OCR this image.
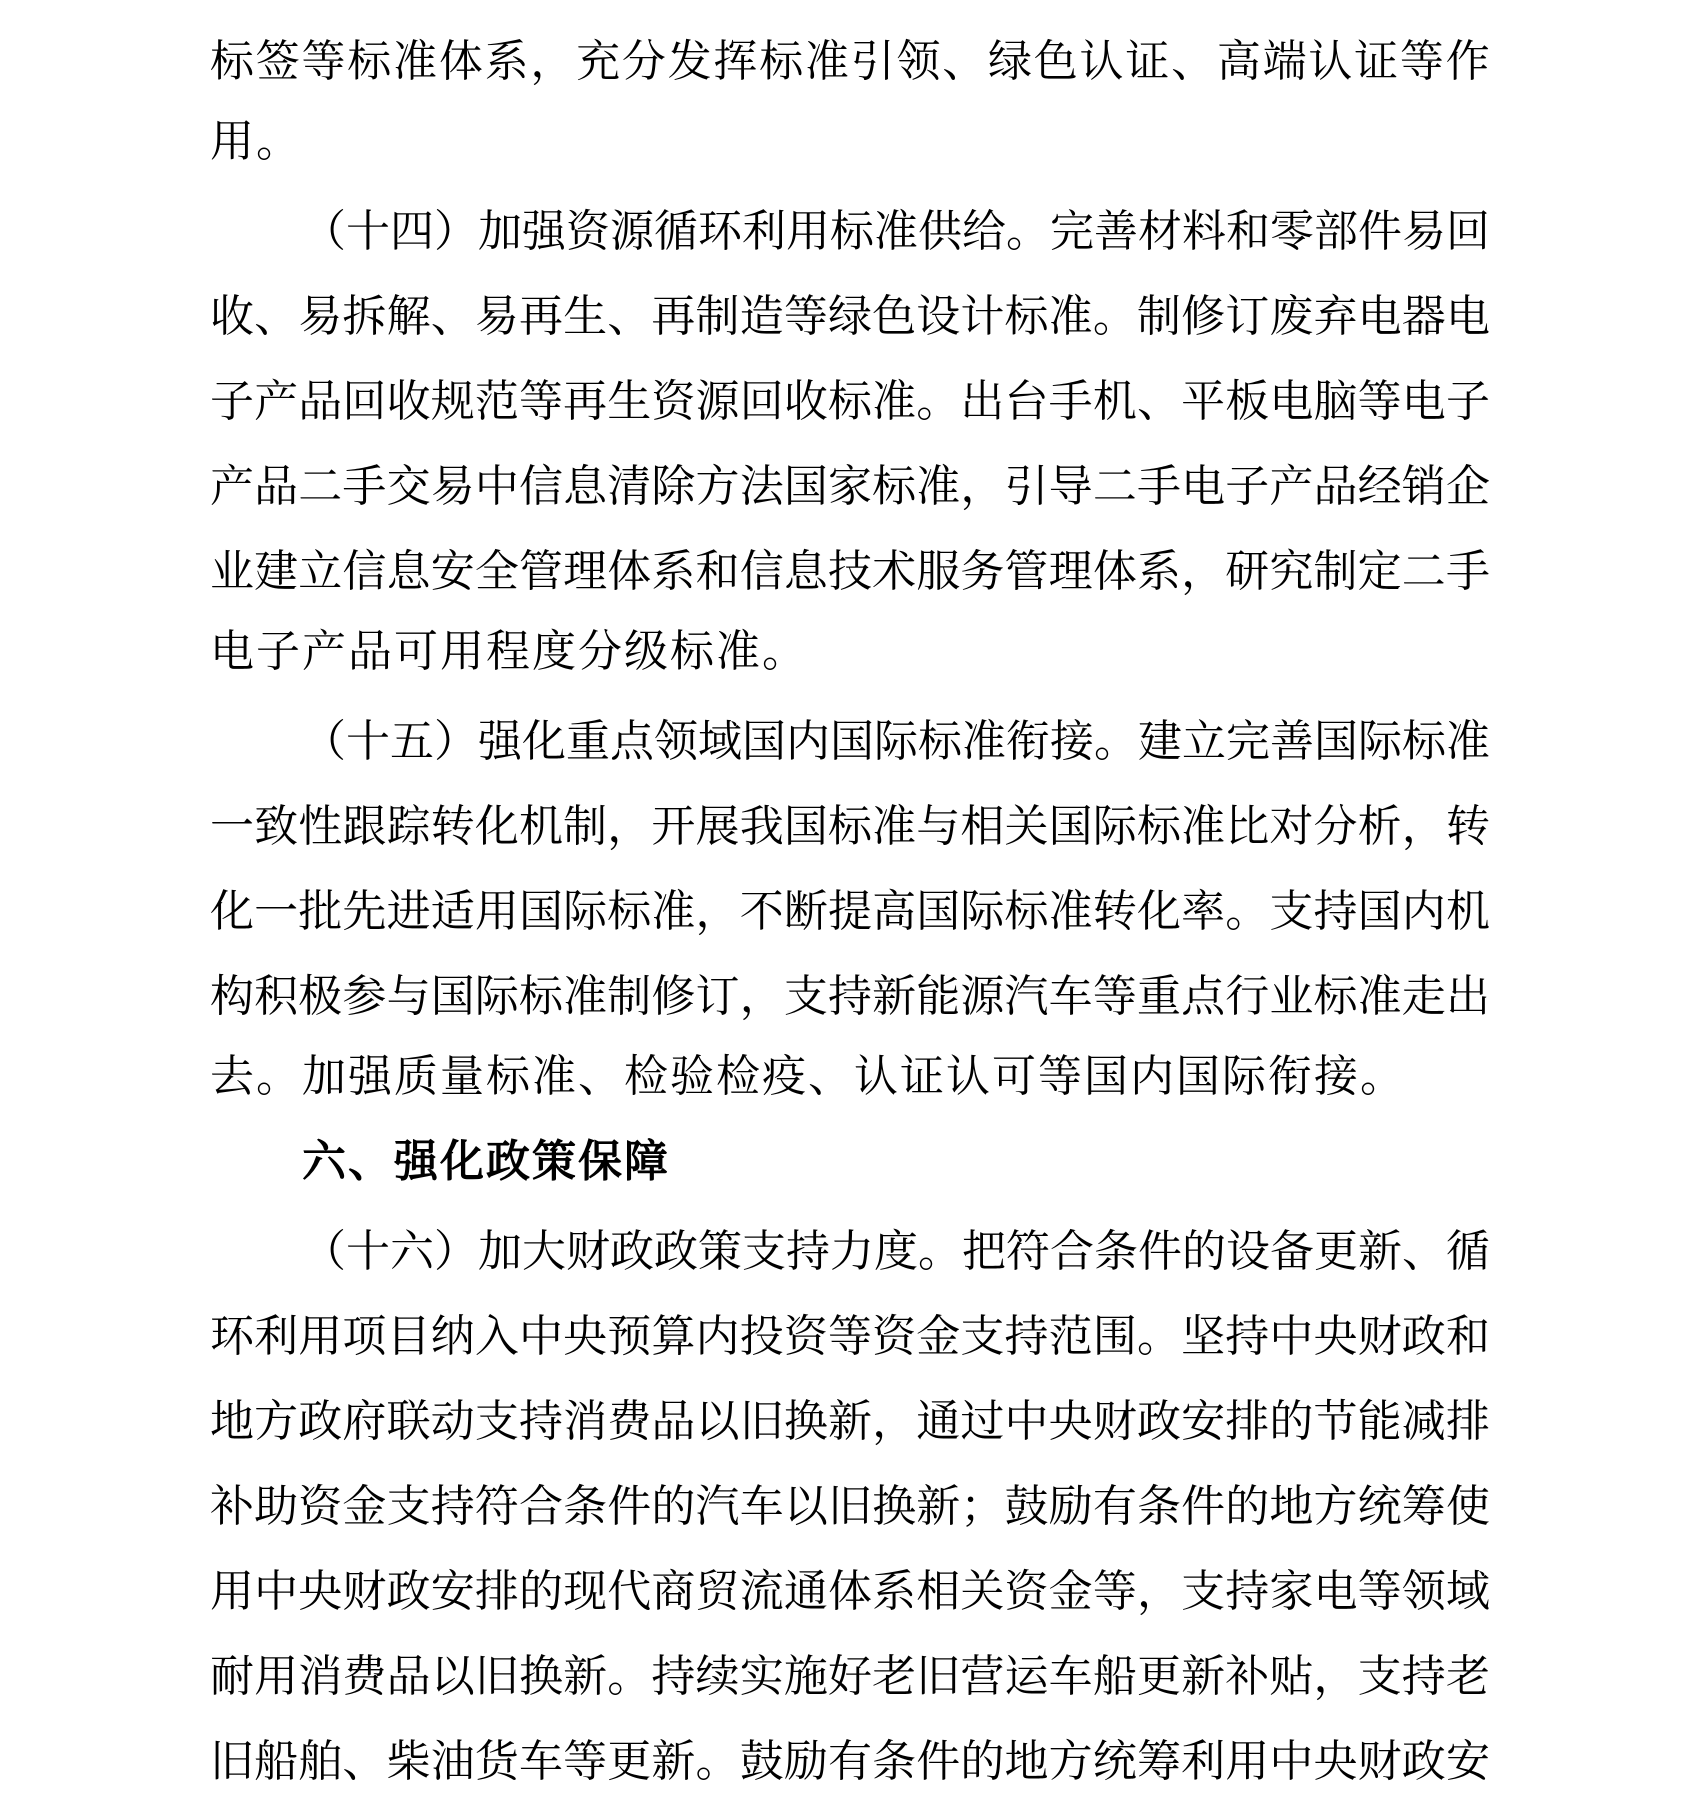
标 签 等 标 准 体 系 ， 充 分 发 挥 标 准 引 领 、 绿 色 认 证 、 高 端 认 证 等 作
用。
（ 十 四 ） 加 强 资 源 循 环 利 用 标 准 供 给 。 完 善 材 料 和 零 部 件 易 回
收 、 易 拆 解 、 易 再 生 、 再 制 造 等 绿 色 设 计 标 准 。 制 修 订 废 弃 电 器 电
子 产 品 回 收 规 范 等 再 生 资 源 回 收 标 准 。 出 台 手 机 、 平 板 电 脑 等 电 子
产 品 二 手 交 易 中 信 息 清 除 方 法 国 家 标 准 ， 引 导 二 手 电 子 产 品 经 销 企
业 建 立 信 息 安 全 管 理 体 系 和 信 息 技 术 服 务 管 理 体 系 ， 研 究 制 定 二 手
电子产品可用程度分级标准。
（ 十 五 ） 强 化 重 点 领 域 国 内 国 际 标 准 衔 接 。 建 立 完 善 国 际 标 准
一 致 性 跟 踪 转 化 机 制 ， 开 展 我 国 标 准 与 相 关 国 际 标 准 比 对 分 析 ， 转
化 一 批 先 进 适 用 国 际 标 准 ， 不 断 提 高 国 际 标 准 转 化 率 。 支 持 国 内 机
构 积 极 参 与 国 际 标 准 制 修 订 ， 支 持 新 能 源 汽 车 等 重 点 行 业 标 准 走 出
去。加强质量标准、检验检疫、认证认可等国内国际衔接。
六、强化政策保障
（ 十 六 ） 加 大 财 政 政 策 支 持 力 度 。 把 符 合 条 件 的 设 备 更 新 、 循
环 利 用 项 目 纳 入 中 央 预 算 内 投 资 等 资 金 支 持 范 围 。 坚 持 中 央 财 政 和
地 方 政 府 联 动 支 持 消 费 品 以 旧 换 新 ， 通 过 中 央 财 政 安 排 的 节 能 减 排
补 助 资 金 支 持 符 合 条 件 的 汽 车 以 旧 换 新 ； 鼓 励 有 条 件 的 地 方 统 筹 使
用 中 央 财 政 安 排 的 现 代 商 贸 流 通 体 系 相 关 资 金 等 ， 支 持 家 电 等 领 域
耐 用 消 费 品 以 旧 换 新 。 持 续 实 施 好 老 旧 营 运 车 船 更 新 补 贴 ， 支 持 老
旧 船 舶 、 柴 油 货 车 等 更 新 。 鼓 励 有 条 件 的 地 方 统 筹 利 用 中 央 财 政 安
